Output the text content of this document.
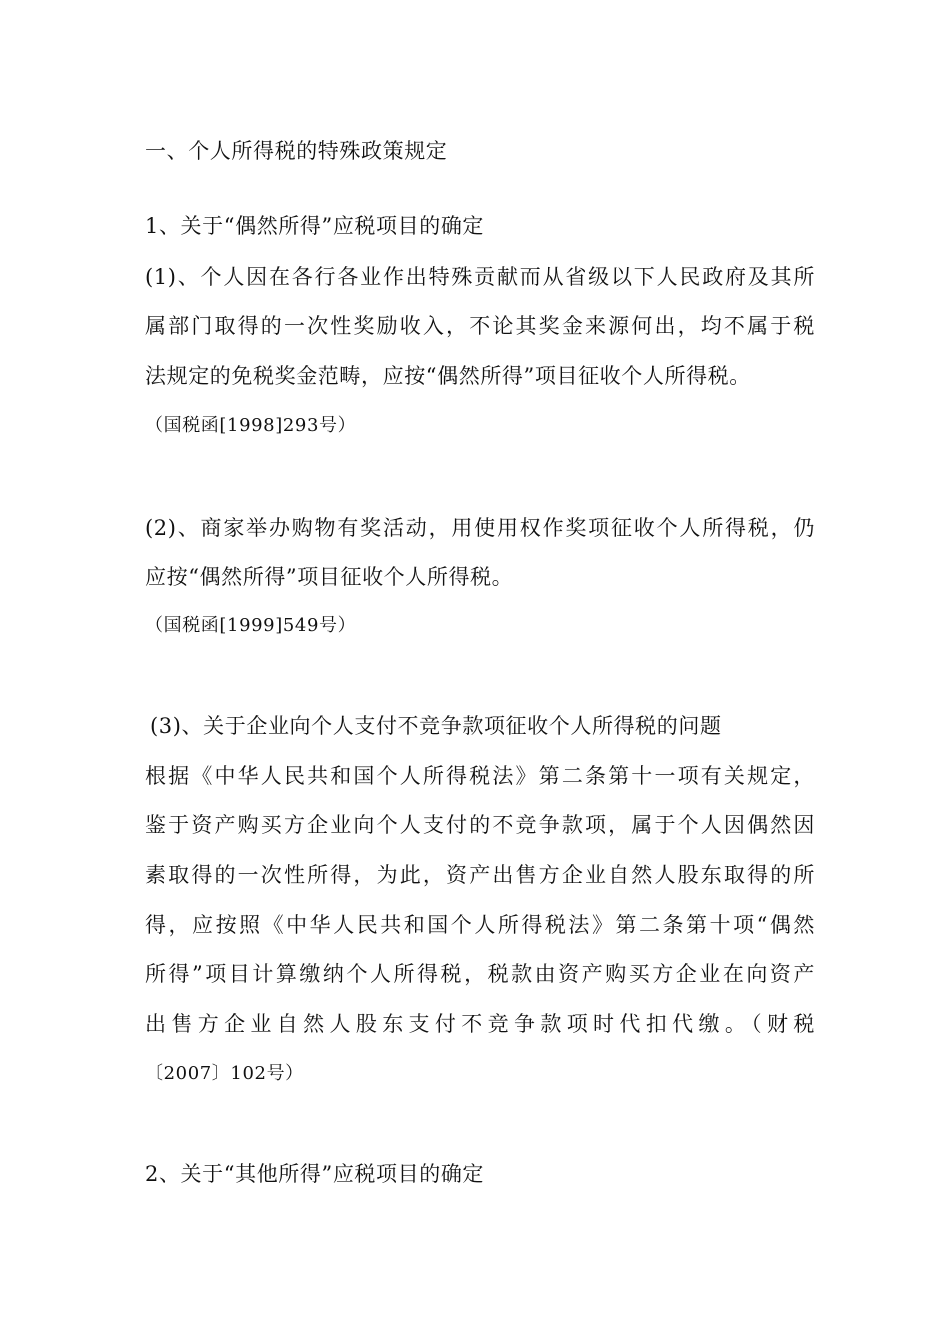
一、个人所得税的特殊政策规定
1、关于“偶然所得”应税项目的确定
(1)、个人因在各行各业作出特殊贡献而从省级以下人民政府及其所
属部门取得的一次性奖励收入，不论其奖金来源何出，均不属于税
法规定的免税奖金范畴，应按“偶然所得”项目征收个人所得税。
（国税函[1998]293号）
(2)、商家举办购物有奖活动，用使用权作奖项征收个人所得税，仍
应按“偶然所得”项目征收个人所得税。
（国税函[1999]549号）
(3)、关于企业向个人支付不竞争款项征收个人所得税的问题
根据《中华人民共和国个人所得税法》第二条第十一项有关规定，
鉴于资产购买方企业向个人支付的不竞争款项，属于个人因偶然因
素取得的一次性所得，为此，资产出售方企业自然人股东取得的所
得，应按照《中华人民共和国个人所得税法》第二条第十项“偶然
所得”项目计算缴纳个人所得税，税款由资产购买方企业在向资产
出售方企业自然人股东支付不竞争款项时代扣代缴。（财税
〔2007〕102号）
2、关于“其他所得”应税项目的确定
